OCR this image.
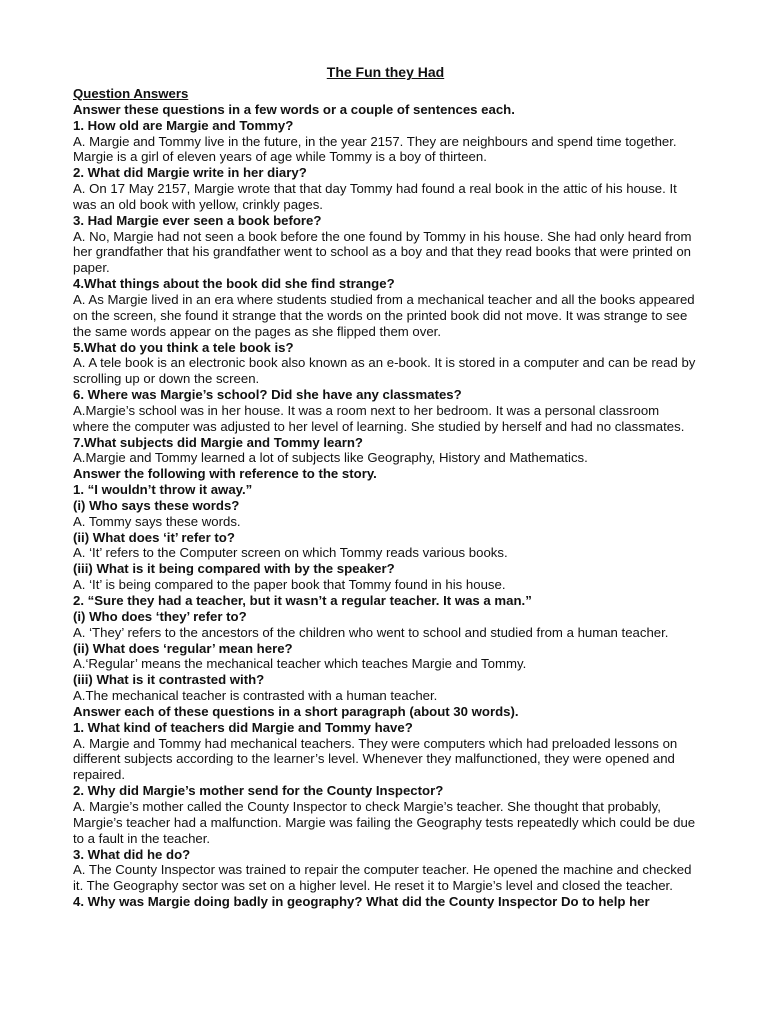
The Fun they Had

Question Answers

Answer these questions in a few words or a couple of sentences each.

1. How old are Margie and Tommy?

A. Margie and Tommy live in the future, in the year 2157. They are neighbours and spend time together. Margie is a girl of eleven years of age while Tommy is a boy of thirteen.

2. What did Margie write in her diary?

A. On 17 May 2157, Margie wrote that that day Tommy had found a real book in the attic of his house. It was an old book with yellow, crinkly pages.

3. Had Margie ever seen a book before?

A. No, Margie had not seen a book before the one found by Tommy in his house. She had only heard from her grandfather that his grandfather went to school as a boy and that they read books that were printed on paper.

4.What things about the book did she find strange?

A. As Margie lived in an era where students studied from a mechanical teacher and all the books appeared on the screen, she found it strange that the words on the printed book did not move. It was strange to see the same words appear on the pages as she flipped them over.

5.What do you think a tele book is?

A. A tele book is an electronic book also known as an e-book. It is stored in a computer and can be read by scrolling up or down the screen.

6. Where was Margie’s school? Did she have any classmates?

A.Margie’s school was in her house. It was a room next to her bedroom. It was a personal classroom where the computer was adjusted to her level of learning. She studied by herself and had no classmates.

7.What subjects did Margie and Tommy learn?

A.Margie and Tommy learned a lot of subjects like Geography, History and Mathematics.

Answer the following with reference to the story.

1. “I wouldn’t throw it away.”

(i) Who says these words?

A. Tommy says these words.

(ii) What does ‘it’ refer to?

A. ‘It’ refers to the Computer screen on which Tommy reads various books.

(iii) What is it being compared with by the speaker?

A. ‘It’ is being compared to the paper book that Tommy found in his house.

2. “Sure they had a teacher, but it wasn’t a regular teacher. It was a man.”

(i) Who does ‘they’ refer to?

A. ‘They’ refers to the ancestors of the children who went to school and studied from a human teacher.

(ii) What does ‘regular’ mean here?

A.‘Regular’ means the mechanical teacher which teaches Margie and Tommy.

(iii) What is it contrasted with?

A.The mechanical teacher is contrasted with a human teacher.

Answer each of these questions in a short paragraph (about 30 words).

1. What kind of teachers did Margie and Tommy have?

A. Margie and Tommy had mechanical teachers. They were computers which had preloaded lessons on different subjects according to the learner’s level. Whenever they malfunctioned, they were opened and repaired.

2. Why did Margie’s mother send for the County Inspector?

A. Margie’s mother called the County Inspector to check Margie’s teacher. She thought that probably, Margie’s teacher had a malfunction. Margie was failing the Geography tests repeatedly which could be due to a fault in the teacher.

3. What did he do?

A. The County Inspector was trained to repair the computer teacher. He opened the machine and checked it. The Geography sector was set on a higher level. He reset it to Margie’s level and closed the teacher.

4. Why was Margie doing badly in geography? What did the County Inspector Do to help her
